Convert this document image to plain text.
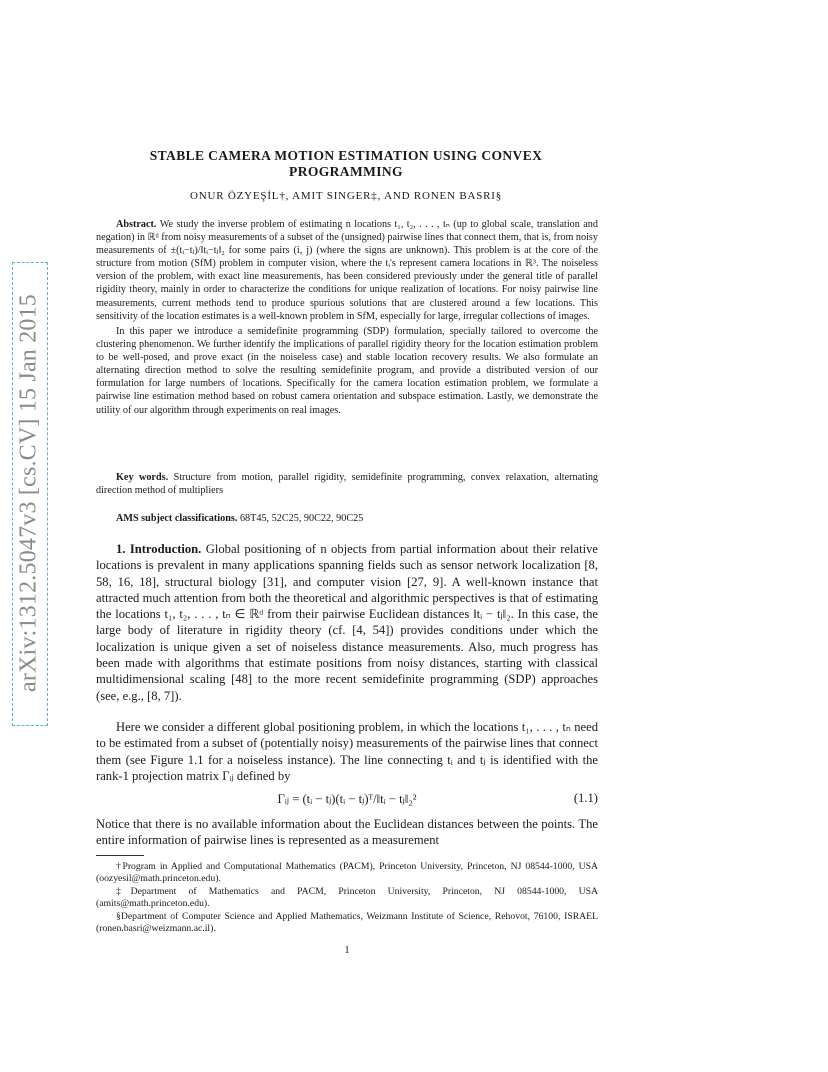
arXiv:1312.5047v3 [cs.CV] 15 Jan 2015
STABLE CAMERA MOTION ESTIMATION USING CONVEX PROGRAMMING
ONUR ÖZYEŞİL†, AMIT SINGER‡, AND RONEN BASRI§

Abstract. We study the inverse problem of estimating n locations t₁, t₂, . . . , tₙ (up to global scale, translation and negation) in ℝᵈ from noisy measurements of a subset of the (unsigned) pairwise lines that connect them, that is, from noisy measurements of ±(tᵢ−tⱼ)/‖tᵢ−tⱼ‖₂ for some pairs (i, j) (where the signs are unknown). This problem is at the core of the structure from motion (SfM) problem in computer vision, where the tᵢ's represent camera locations in ℝ³. The noiseless version of the problem, with exact line measurements, has been considered previously under the general title of parallel rigidity theory, mainly in order to characterize the conditions for unique realization of locations. For noisy pairwise line measurements, current methods tend to produce spurious solutions that are clustered around a few locations. This sensitivity of the location estimates is a well-known problem in SfM, especially for large, irregular collections of images.

In this paper we introduce a semidefinite programming (SDP) formulation, specially tailored to overcome the clustering phenomenon. We further identify the implications of parallel rigidity theory for the location estimation problem to be well-posed, and prove exact (in the noiseless case) and stable location recovery results. We also formulate an alternating direction method to solve the resulting semidefinite program, and provide a distributed version of our formulation for large numbers of locations. Specifically for the camera location estimation problem, we formulate a pairwise line estimation method based on robust camera orientation and subspace estimation. Lastly, we demonstrate the utility of our algorithm through experiments on real images.

Key words. Structure from motion, parallel rigidity, semidefinite programming, convex relaxation, alternating direction method of multipliers

AMS subject classifications. 68T45, 52C25, 90C22, 90C25

1. Introduction. Global positioning of n objects from partial information about their relative locations is prevalent in many applications spanning fields such as sensor network localization [8, 58, 16, 18], structural biology [31], and computer vision [27, 9]. A well-known instance that attracted much attention from both the theoretical and algorithmic perspectives is that of estimating the locations t₁, t₂, . . . , tₙ ∈ ℝᵈ from their pairwise Euclidean distances ‖tᵢ − tⱼ‖₂. In this case, the large body of literature in rigidity theory (cf. [4, 54]) provides conditions under which the localization is unique given a set of noiseless distance measurements. Also, much progress has been made with algorithms that estimate positions from noisy distances, starting with classical multidimensional scaling [48] to the more recent semidefinite programming (SDP) approaches (see, e.g., [8, 7]).

Here we consider a different global positioning problem, in which the locations t₁, . . . , tₙ need to be estimated from a subset of (potentially noisy) measurements of the pairwise lines that connect them (see Figure 1.1 for a noiseless instance). The line connecting tᵢ and tⱼ is identified with the rank-1 projection matrix Γᵢⱼ defined by

Γᵢⱼ = (tᵢ − tⱼ)(tᵢ − tⱼ)ᵀ/‖tᵢ − tⱼ‖₂²	(1.1)

Notice that there is no available information about the Euclidean distances between the points. The entire information of pairwise lines is represented as a measurement

†Program in Applied and Computational Mathematics (PACM), Princeton University, Princeton, NJ 08544-1000, USA (oozyesil@math.princeton.edu).

‡Department of Mathematics and PACM, Princeton University, Princeton, NJ 08544-1000, USA (amits@math.princeton.edu).

§Department of Computer Science and Applied Mathematics, Weizmann Institute of Science, Rehovot, 76100, ISRAEL (ronen.basri@weizmann.ac.il).

1
